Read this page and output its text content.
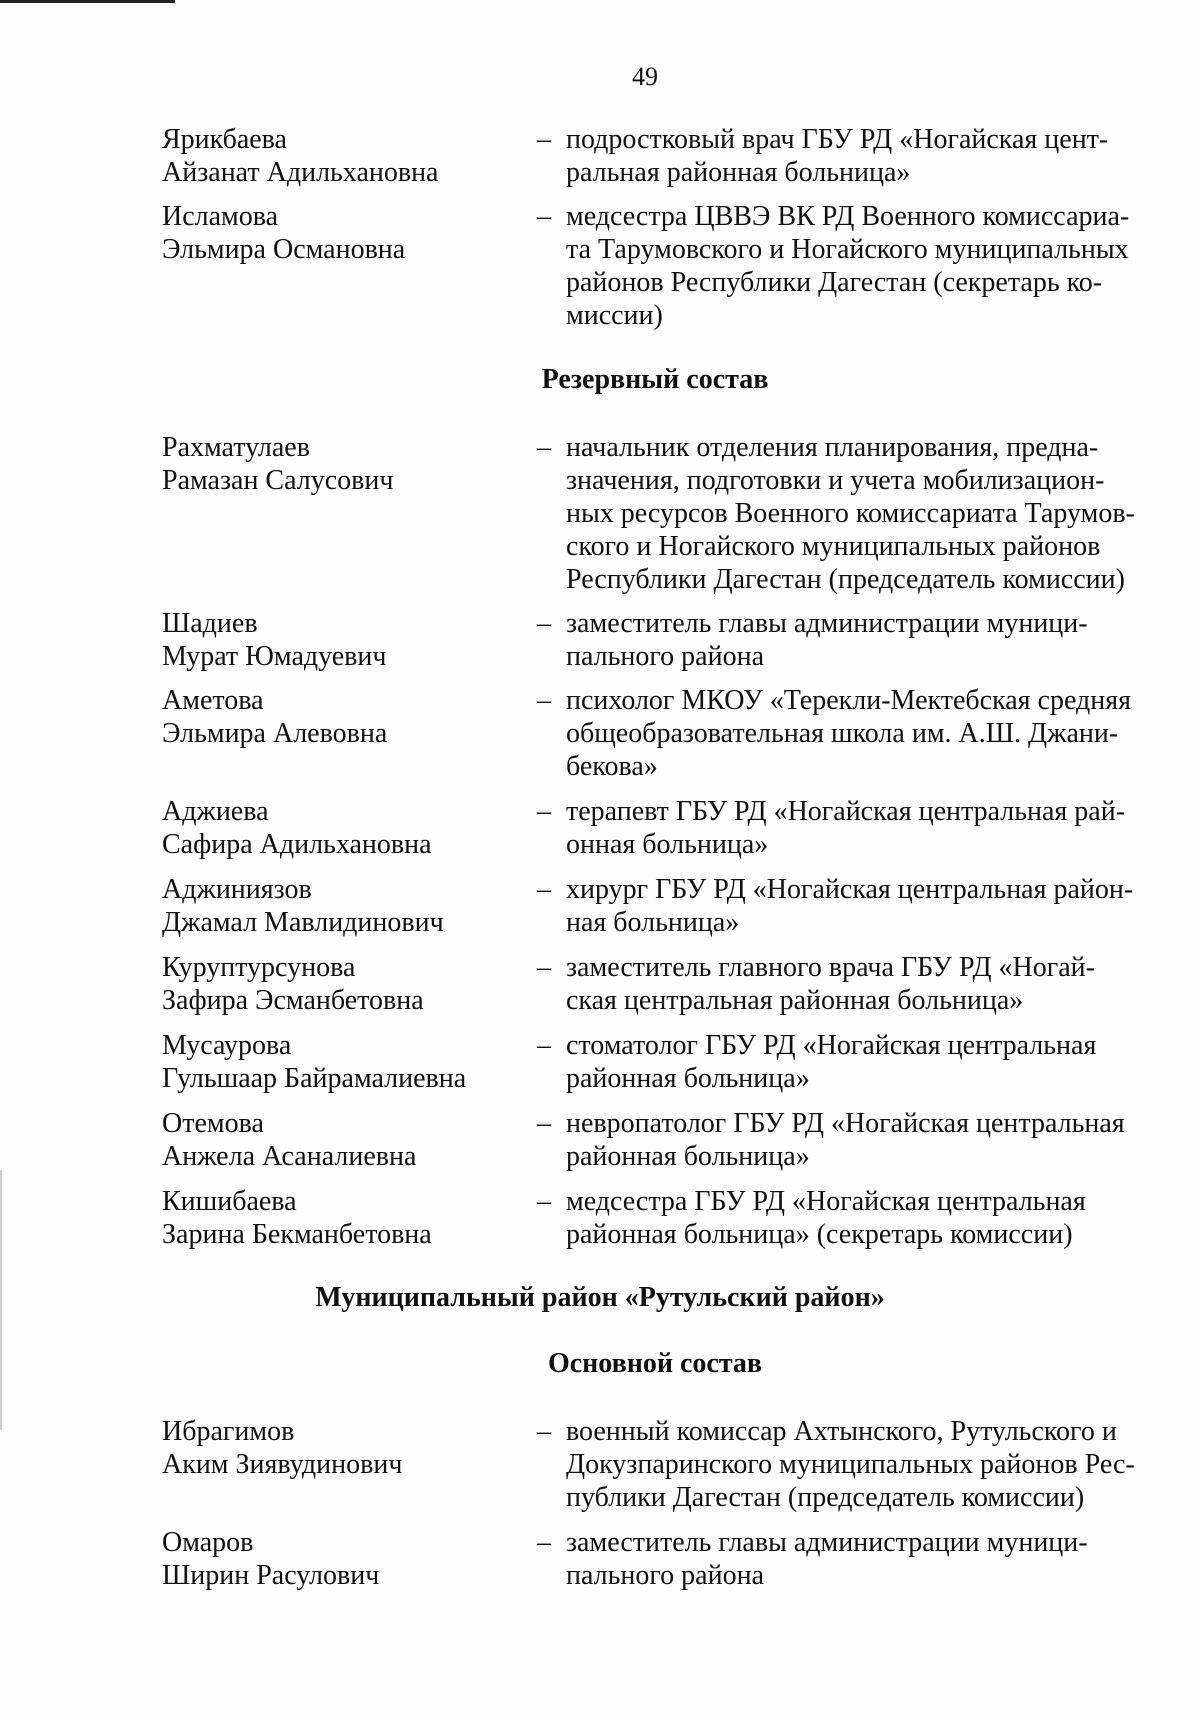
49
Ярикбаева
Айзанат Адильхановна
– подростковый врач ГБУ РД «Ногайская цент-

ральная районная больница»

Исламова
Эльмира Османовна
– медсестра ЦВВЭ ВК РД Военного комиссариа-

та Тарумовского и Ногайского муниципальных

районов Республики Дагестан (секретарь ко-

миссии)

Резервный состав
Рахматулаев
Рамазан Салусович
– начальник отделения планирования, предна-

значения, подготовки и учета мобилизацион-

ных ресурсов Военного комиссариата Тарумов-

ского и Ногайского муниципальных районов

Республики Дагестан (председатель комиссии)

Шадиев
Мурат Юмадуевич
– заместитель главы администрации муници-

пального района

Аметова
Эльмира Алевовна
– психолог МКОУ «Терекли-Мектебская средняя

общеобразовательная школа им. А.Ш. Джани-

бекова»

Аджиева
Сафира Адильхановна
– терапевт ГБУ РД «Ногайская центральная рай-

онная больница»

Аджиниязов
Джамал Мавлидинович
– хирург ГБУ РД «Ногайская центральная район-

ная больница»

Куруптурсунова
Зафира Эсманбетовна
– заместитель главного врача ГБУ РД «Ногай-

ская центральная районная больница»

Мусаурова
Гульшаар Байрамалиевна
– стоматолог ГБУ РД «Ногайская центральная

районная больница»

Отемова
Анжела Асаналиевна
– невропатолог ГБУ РД «Ногайская центральная

районная больница»

Кишибаева
Зарина Бекманбетовна
– медсестра ГБУ РД «Ногайская центральная

районная больница» (секретарь комиссии)

Муниципальный район «Рутульский район»
Основной состав
Ибрагимов
Аким Зиявудинович
– военный комиссар Ахтынского, Рутульского и

Докузпаринского муниципальных районов Рес-

публики Дагестан (председатель комиссии)

Омаров
Ширин Расулович
– заместитель главы администрации муници-

пального района
